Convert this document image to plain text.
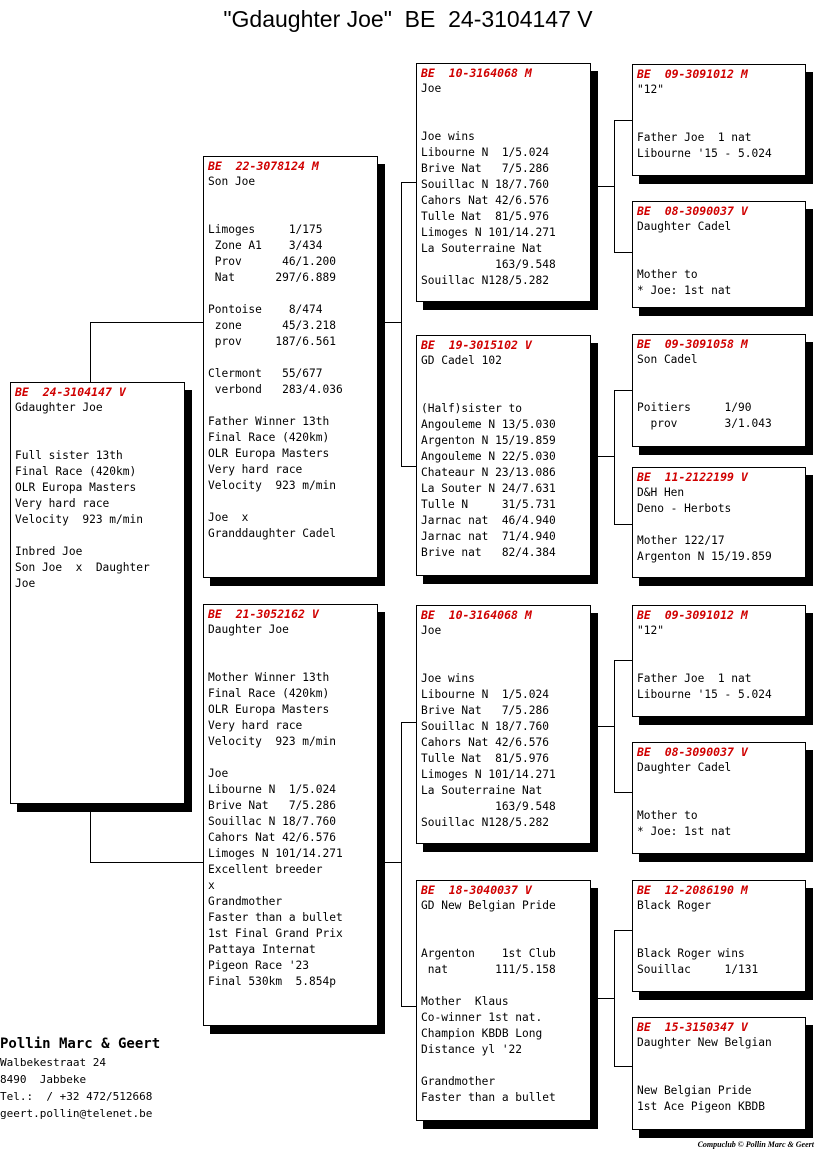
"Gdaughter Joe"  BE  24-3104147 V
BE  24-3104147 V
Gdaughter Joe

Full sister 13th
Final Race (420km)
OLR Europa Masters
Very hard race
Velocity  923 m/min

Inbred Joe
Son Joe  x  Daughter
Joe
BE  22-3078124 M
Son Joe

Limoges     1/175
Zone A1    3/434
Prov      46/1.200
Nat      297/6.889

Pontoise    8/474
zone      45/3.218
prov     187/6.561

Clermont   55/677
verbond   283/4.036

Father Winner 13th
Final Race (420km)
OLR Europa Masters
Very hard race
Velocity  923 m/min

Joe  x
Granddaughter Cadel
BE  21-3052162 V
Daughter Joe

Mother Winner 13th
Final Race (420km)
OLR Europa Masters
Very hard race
Velocity  923 m/min

Joe
Libourne N  1/5.024
Brive Nat   7/5.286
Souillac N 18/7.760
Cahors Nat 42/6.576
Limoges N 101/14.271
Excellent breeder
x
Grandmother
Faster than a bullet
1st Final Grand Prix
Pattaya Internat
Pigeon Race '23
Final 530km  5.854p
BE  10-3164068 M
Joe

Joe wins
Libourne N  1/5.024
Brive Nat   7/5.286
Souillac N 18/7.760
Cahors Nat 42/6.576
Tulle Nat  81/5.976
Limoges N 101/14.271
La Souterraine Nat
163/9.548
Souillac N128/5.282
BE  19-3015102 V
GD Cadel 102

(Half)sister to
Angouleme N 13/5.030
Argenton N 15/19.859
Angouleme N 22/5.030
Chateaur N 23/13.086
La Souter N 24/7.631
Tulle N     31/5.731
Jarnac nat  46/4.940
Jarnac nat  71/4.940
Brive nat   82/4.384
BE  10-3164068 M
Joe

Joe wins
Libourne N  1/5.024
Brive Nat   7/5.286
Souillac N 18/7.760
Cahors Nat 42/6.576
Tulle Nat  81/5.976
Limoges N 101/14.271
La Souterraine Nat
163/9.548
Souillac N128/5.282
BE  18-3040037 V
GD New Belgian Pride

Argenton    1st Club
nat       111/5.158

Mother  Klaus
Co-winner 1st nat.
Champion KBDB Long
Distance yl '22

Grandmother
Faster than a bullet
BE  09-3091012 M
"12"

Father Joe  1 nat
Libourne '15 - 5.024
BE  08-3090037 V
Daughter Cadel

Mother to
* Joe: 1st nat
BE  09-3091058 M
Son Cadel

Poitiers     1/90
prov       3/1.043
BE  11-2122199 V
D&H Hen
Deno - Herbots

Mother 122/17
Argenton N 15/19.859
BE  09-3091012 M
"12"

Father Joe  1 nat
Libourne '15 - 5.024
BE  08-3090037 V
Daughter Cadel

Mother to
* Joe: 1st nat
BE  12-2086190 M
Black Roger

Black Roger wins
Souillac     1/131
BE  15-3150347 V
Daughter New Belgian

New Belgian Pride
1st Ace Pigeon KBDB
Pollin Marc & Geert
Walbekestraat 24
8490  Jabbeke
Tel.:  / +32 472/512668
geert.pollin@telenet.be
Compuclub © Pollin Marc & Geert
